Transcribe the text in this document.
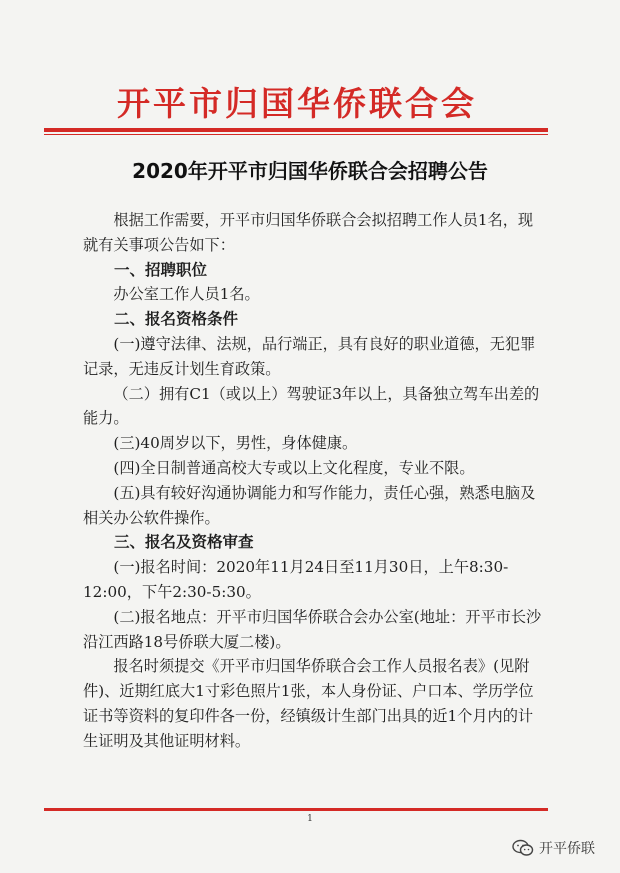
开平市归国华侨联合会
2020年开平市归国华侨联合会招聘公告

根据工作需要，开平市归国华侨联合会拟招聘工作人员1名，现就有关事项公告如下：

一、招聘职位

办公室工作人员1名。

二、报名资格条件

(一)遵守法律、法规，品行端正，具有良好的职业道德，无犯罪记录，无违反计划生育政策。

（二）拥有C1（或以上）驾驶证3年以上，具备独立驾车出差的能力。

(三)40周岁以下，男性，身体健康。

(四)全日制普通高校大专或以上文化程度，专业不限。

(五)具有较好沟通协调能力和写作能力，责任心强，熟悉电脑及相关办公软件操作。

三、报名及资格审查

(一)报名时间：2020年11月24日至11月30日，上午8:30-12:00，下午2:30-5:30。

(二)报名地点：开平市归国华侨联合会办公室(地址：开平市长沙沿江西路18号侨联大厦二楼)。

报名时须提交《开平市归国华侨联合会工作人员报名表》(见附件)、近期红底大1寸彩色照片1张，本人身份证、户口本、学历学位证书等资料的复印件各一份，经镇级计生部门出具的近1个月内的计生证明及其他证明材料。

1
开平侨联
